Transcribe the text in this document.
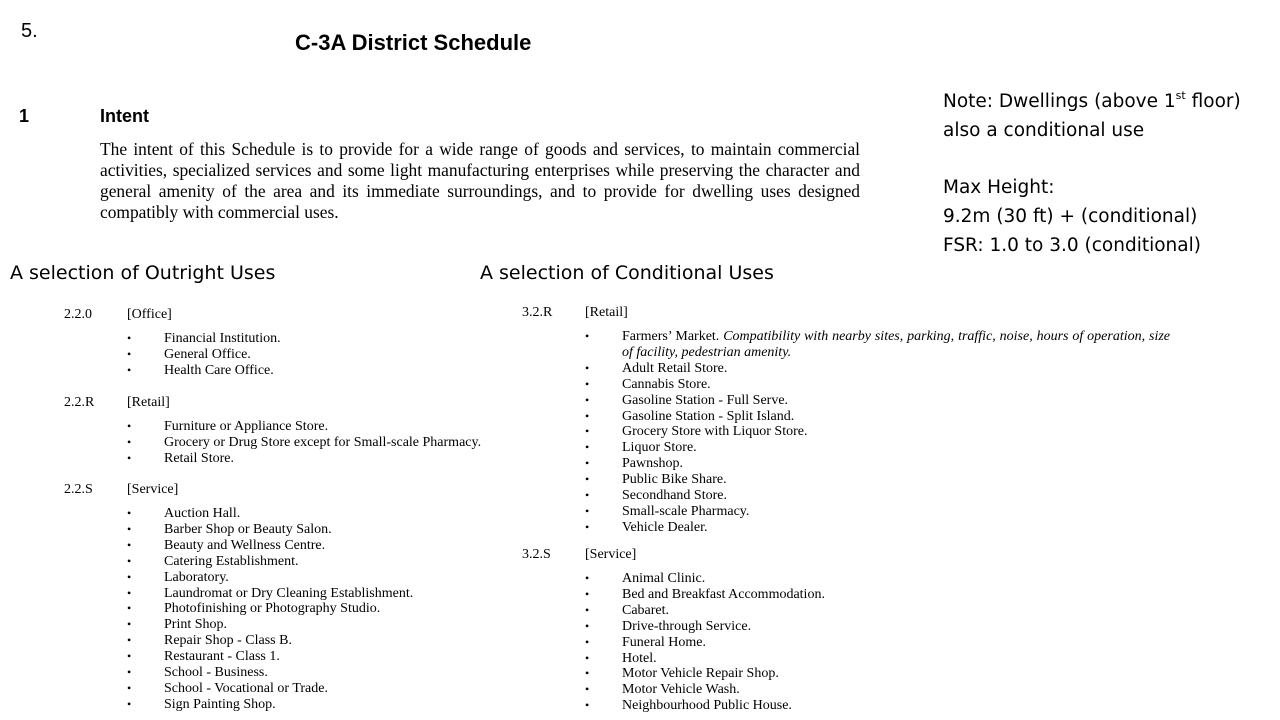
5.	C-3A District Schedule
1	Intent
The intent of this Schedule is to provide for a wide range of goods and services, to maintain commercial activities, specialized services and some light manufacturing enterprises while preserving the character and general amenity of the area and its immediate surroundings, and to provide for dwelling uses designed compatibly with commercial uses.
Note: Dwellings (above 1st floor)
also a conditional use
Max Height:
9.2m (30 ft) + (conditional)
FSR: 1.0 to 3.0 (conditional)
A selection of Outright Uses	A selection of Conditional Uses
2.2.0	[Office]
• Financial Institution.
• General Office.
• Health Care Office.
2.2.R [Retail]
• Furniture or Appliance Store.
• Grocery or Drug Store except for Small-scale Pharmacy.
• Retail Store.
2.2.S [Service]
• Auction Hall.
• Barber Shop or Beauty Salon.
• Beauty and Wellness Centre.
• Catering Establishment.
• Laboratory.
• Laundromat or Dry Cleaning Establishment.
• Photofinishing or Photography Studio.
• Print Shop.
• Repair Shop - Class B.
• Restaurant - Class 1.
• School - Business.
• School - Vocational or Trade.
• Sign Painting Shop.
3.2.R [Retail]
• Farmers’ Market. Compatibility with nearby sites, parking, traffic, noise, hours of operation, size of facility, pedestrian amenity.
• Adult Retail Store.
• Cannabis Store.
• Gasoline Station - Full Serve.
• Gasoline Station - Split Island.
• Grocery Store with Liquor Store.
• Liquor Store.
• Pawnshop.
• Public Bike Share.
• Secondhand Store.
• Small-scale Pharmacy.
• Vehicle Dealer.
3.2.S [Service]
• Animal Clinic.
• Bed and Breakfast Accommodation.
• Cabaret.
• Drive-through Service.
• Funeral Home.
• Hotel.
• Motor Vehicle Repair Shop.
• Motor Vehicle Wash.
• Neighbourhood Public House.
